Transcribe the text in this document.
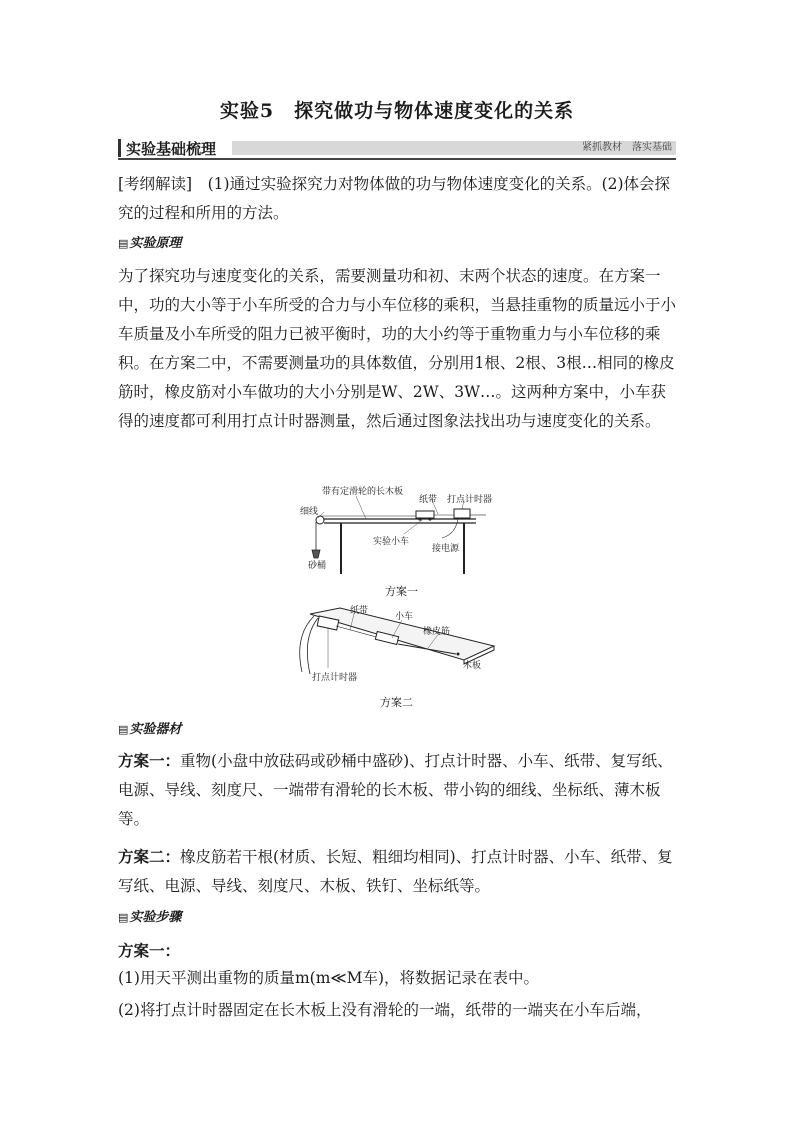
实验5　探究做功与物体速度变化的关系
实验基础梳理	紧抓教材　落实基础
[考纲解读]　(1)通过实验探究力对物体做的功与物体速度变化的关系。(2)体会探究的过程和所用的方法。
▤实验原理
为了探究功与速度变化的关系，需要测量功和初、末两个状态的速度。在方案一中，功的大小等于小车所受的合力与小车位移的乘积，当悬挂重物的质量远小于小车质量及小车所受的阻力已被平衡时，功的大小约等于重物重力与小车位移的乘积。在方案二中，不需要测量功的具体数值，分别用1根、2根、3根…相同的橡皮筋时，橡皮筋对小车做功的大小分别是W、2W、3W…。这两种方案中，小车获得的速度都可利用打点计时器测量，然后通过图象法找出功与速度变化的关系。
带有定滑轮的长木板
纸带 打点计时器
细线
实验小车
接电源
砂桶
方案一
纸带
小车
橡皮筋
木板
打点计时器
方案二
▤实验器材
方案一：重物(小盘中放砝码或砂桶中盛砂)、打点计时器、小车、纸带、复写纸、电源、导线、刻度尺、一端带有滑轮的长木板、带小钩的细线、坐标纸、薄木板等。
方案二：橡皮筋若干根(材质、长短、粗细均相同)、打点计时器、小车、纸带、复写纸、电源、导线、刻度尺、木板、铁钉、坐标纸等。
▤实验步骤
方案一：
(1)用天平测出重物的质量m(m≪M车)，将数据记录在表中。
(2)将打点计时器固定在长木板上没有滑轮的一端，纸带的一端夹在小车后端，
